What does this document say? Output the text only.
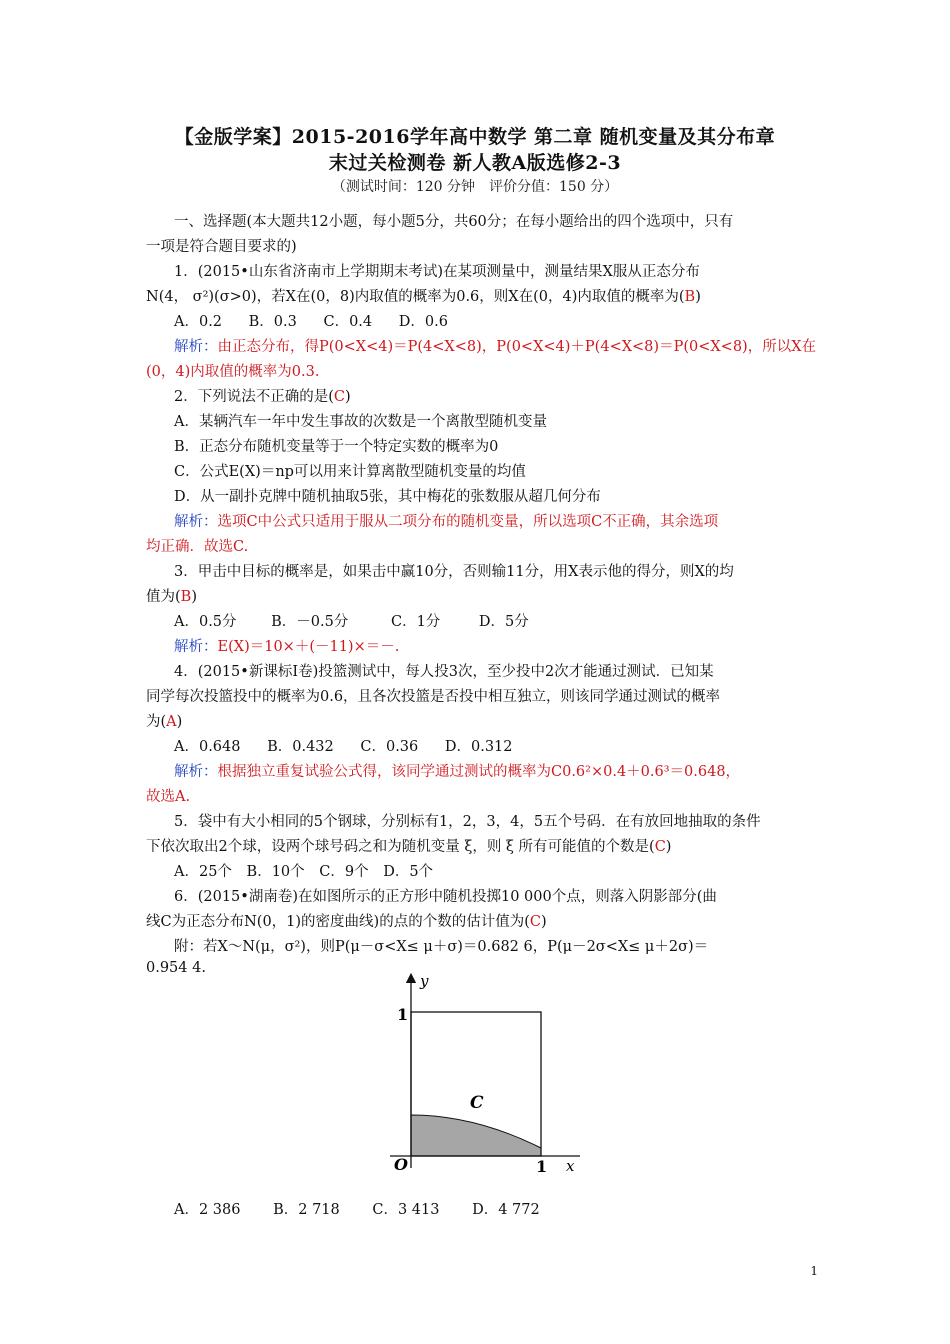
【金版学案】2015-2016学年高中数学 第二章 随机变量及其分布章
末过关检测卷 新人教A版选修2-3
（测试时间：120 分钟　评价分值：150 分）
一、选择题(本大题共12小题，每小题5分，共60分；在每小题给出的四个选项中，只有
一项是符合题目要求的)
1．(2015•山东省济南市上学期期末考试)在某项测量中，测量结果X服从正态分布
N(4， σ²)(σ>0)，若X在(0，8)内取值的概率为0.6，则X在(0，4)内取值的概率为(B)
A．0.2 B．0.3 C．0.4 D．0.6
解析：由正态分布，得P(0<X<4)＝P(4<X<8)，P(0<X<4)＋P(4<X<8)＝P(0<X<8)，所以X在
(0，4)内取值的概率为0.3.
2．下列说法不正确的是(C)
A．某辆汽车一年中发生事故的次数是一个离散型随机变量
B．正态分布随机变量等于一个特定实数的概率为0
C．公式E(X)＝np可以用来计算离散型随机变量的均值
D．从一副扑克牌中随机抽取5张，其中梅花的张数服从超几何分布
解析：选项C中公式只适用于服从二项分布的随机变量，所以选项C不正确，其余选项
均正确．故选C.
3．甲击中目标的概率是，如果击中赢10分，否则输11分，用X表示他的得分，则X的均
值为(B)
A．0.5分 B．－0.5分	C．1分	D．5分
解析：E(X)＝10×＋(－11)×＝－.
4．(2015•新课标Ⅰ卷)投篮测试中，每人投3次，至少投中2次才能通过测试．已知某
同学每次投篮投中的概率为0.6，且各次投篮是否投中相互独立，则该同学通过测试的概率
为(A)
A．0.648 B．0.432 C．0.36 D．0.312
解析：根据独立重复试验公式得，该同学通过测试的概率为C0.6²×0.4＋0.6³＝0.648，
故选A.
5．袋中有大小相同的5个钢球，分别标有1，2，3，4，5五个号码．在有放回地抽取的条件
下依次取出2个球，设两个球号码之和为随机变量 ξ，则 ξ 所有可能值的个数是(C)
A．25个 B．10个 C．9个 D．5个
6．(2015•湖南卷)在如图所示的正方形中随机投掷10 000个点，则落入阴影部分(曲
线C为正态分布N(0，1)的密度曲线)的点的个数的估计值为(C)
附：若X～N(μ，σ²)，则P(μ－σ<X≤ μ＋σ)＝0.682 6，P(μ－2σ<X≤ μ＋2σ)＝
0.954 4.
y
x
O
1
1
C
A．2 386 B．2 718 C．3 413 D．4 772
1
